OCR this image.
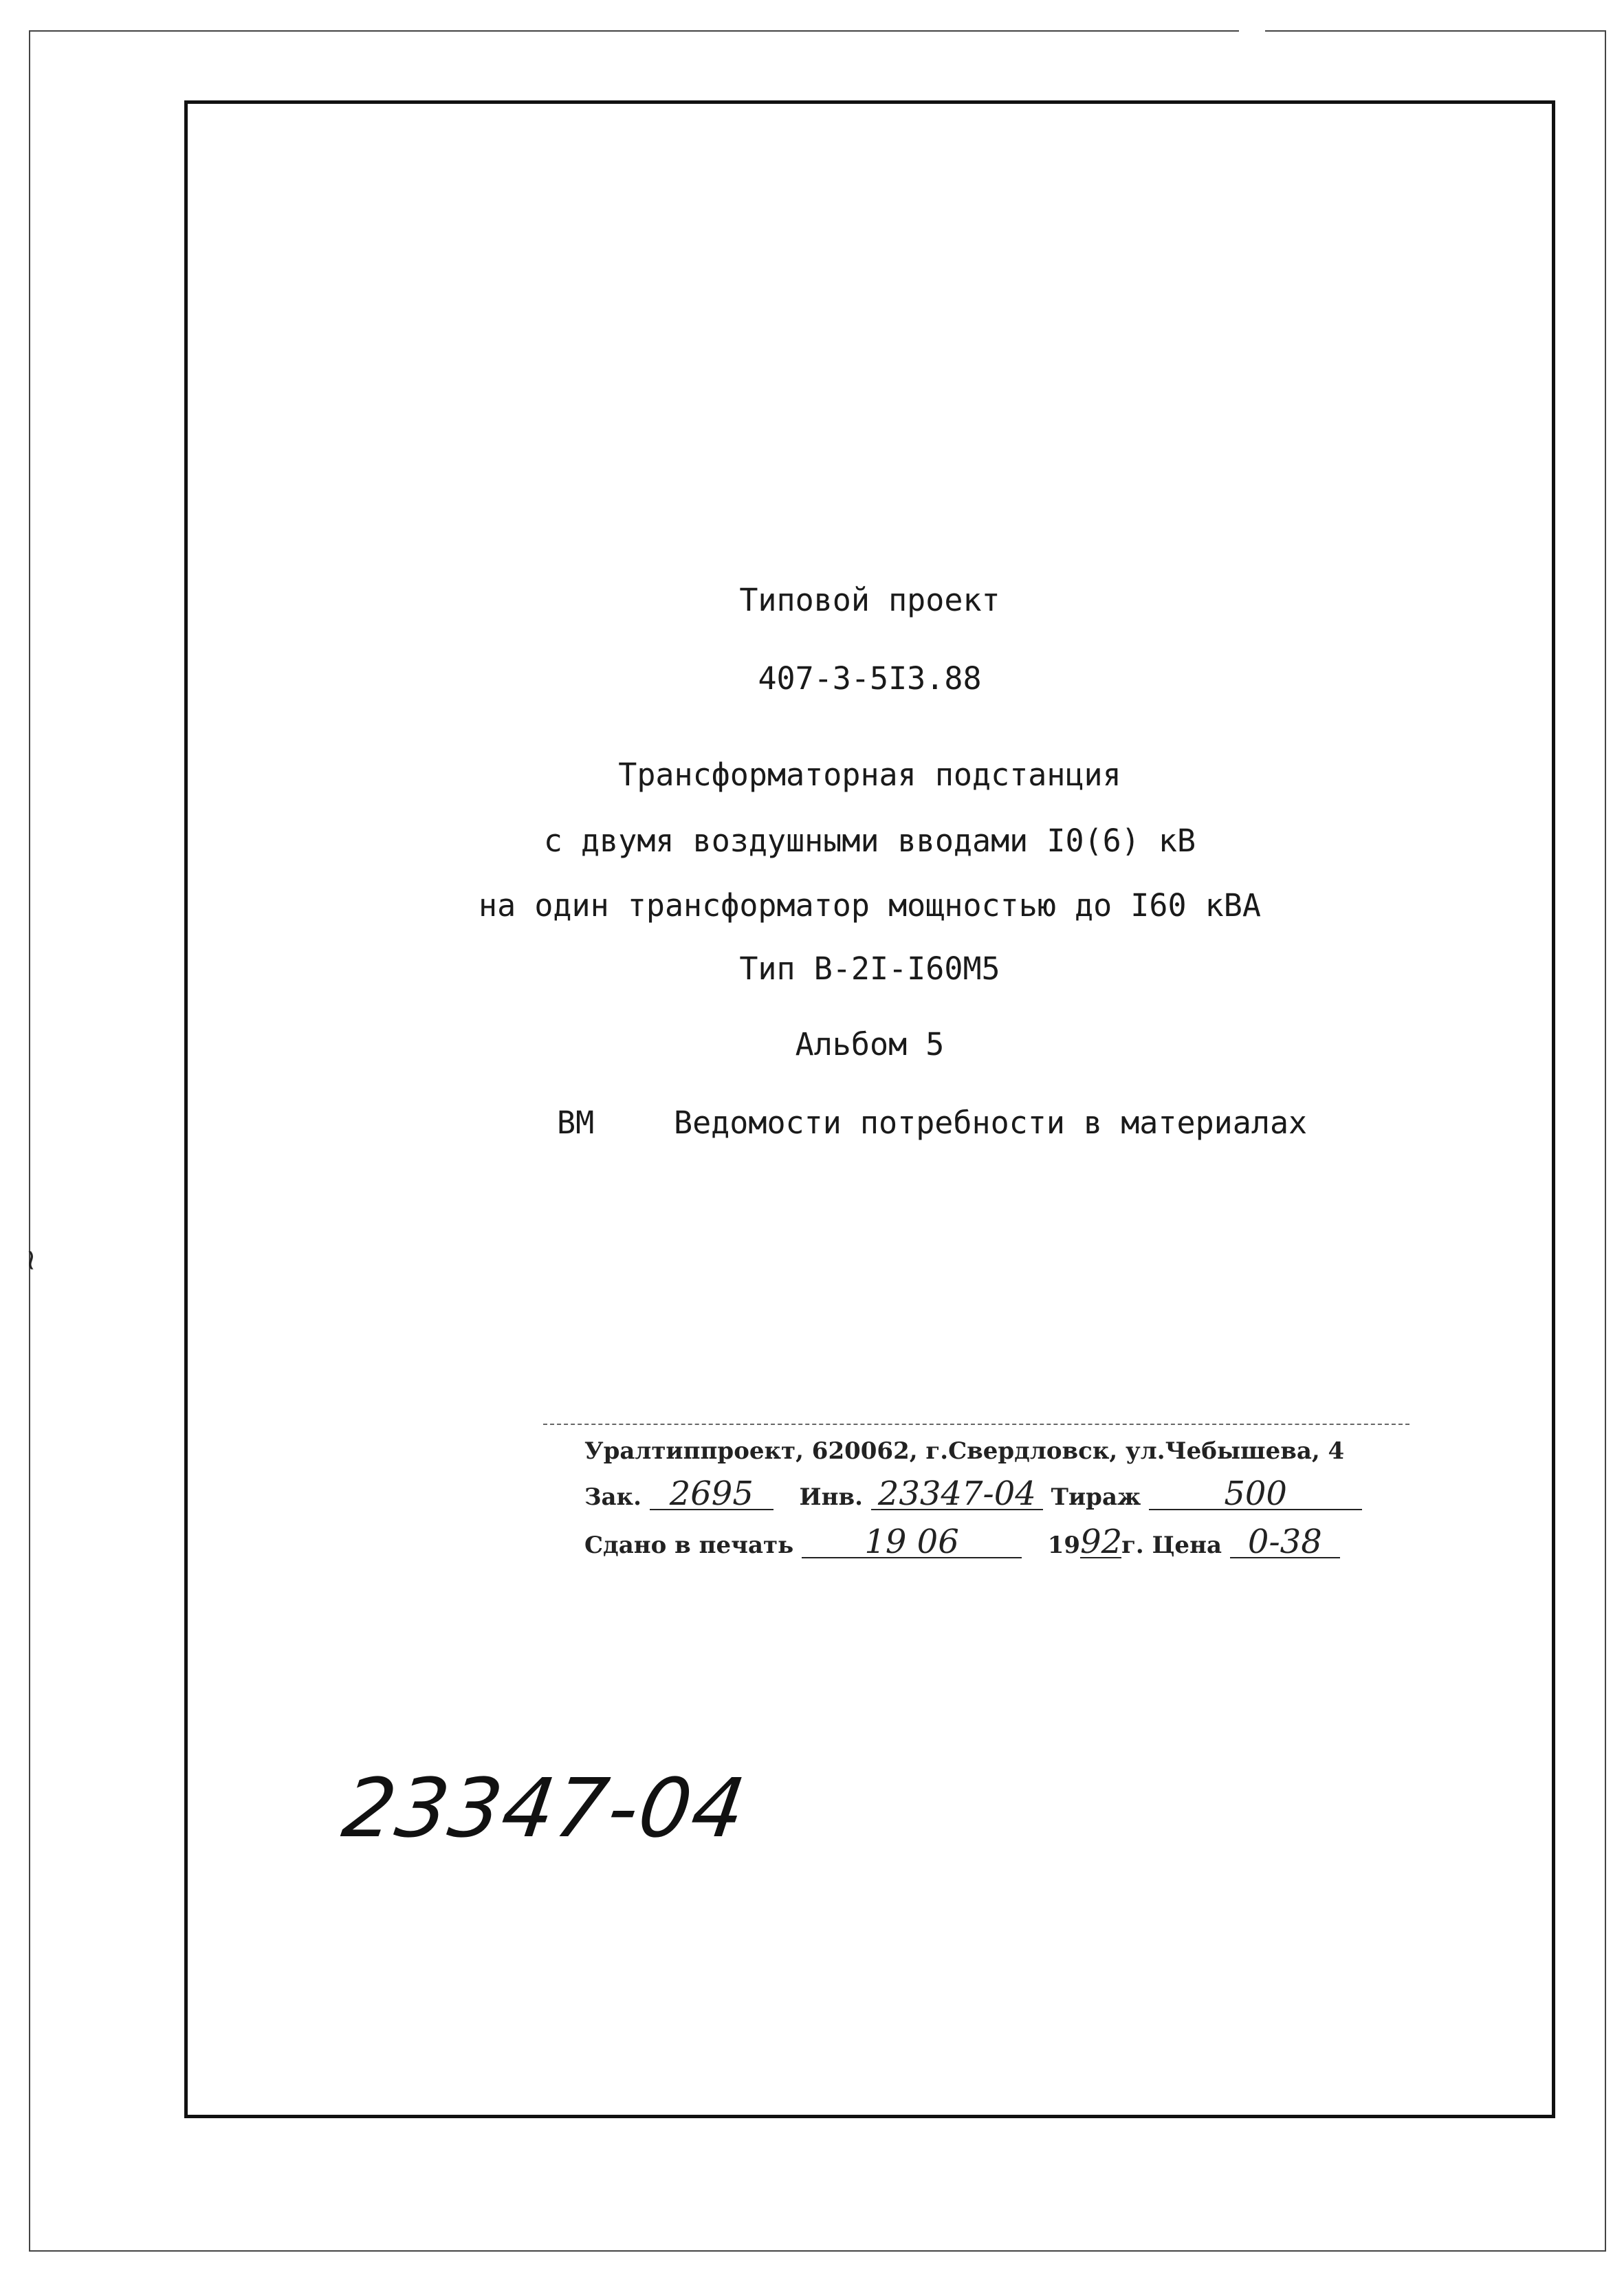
~
Типовой проект
407-3-5I3.88
Трансформаторная подстанция
с двумя воздушными вводами I0(6) кВ
на один трансформатор мощностью до I60 кВА
Тип В-2I-I60М5
Альбом 5
ВМ	Ведомости потребности в материалах
Уралтиппроект, 620062, г.Свердловск, ул.Чебышева, 4
Зак. 2695 Инв. 23347-04 Тираж	500
Сдано в печать 19 06	1992г. Цена 0-38
23347-04
